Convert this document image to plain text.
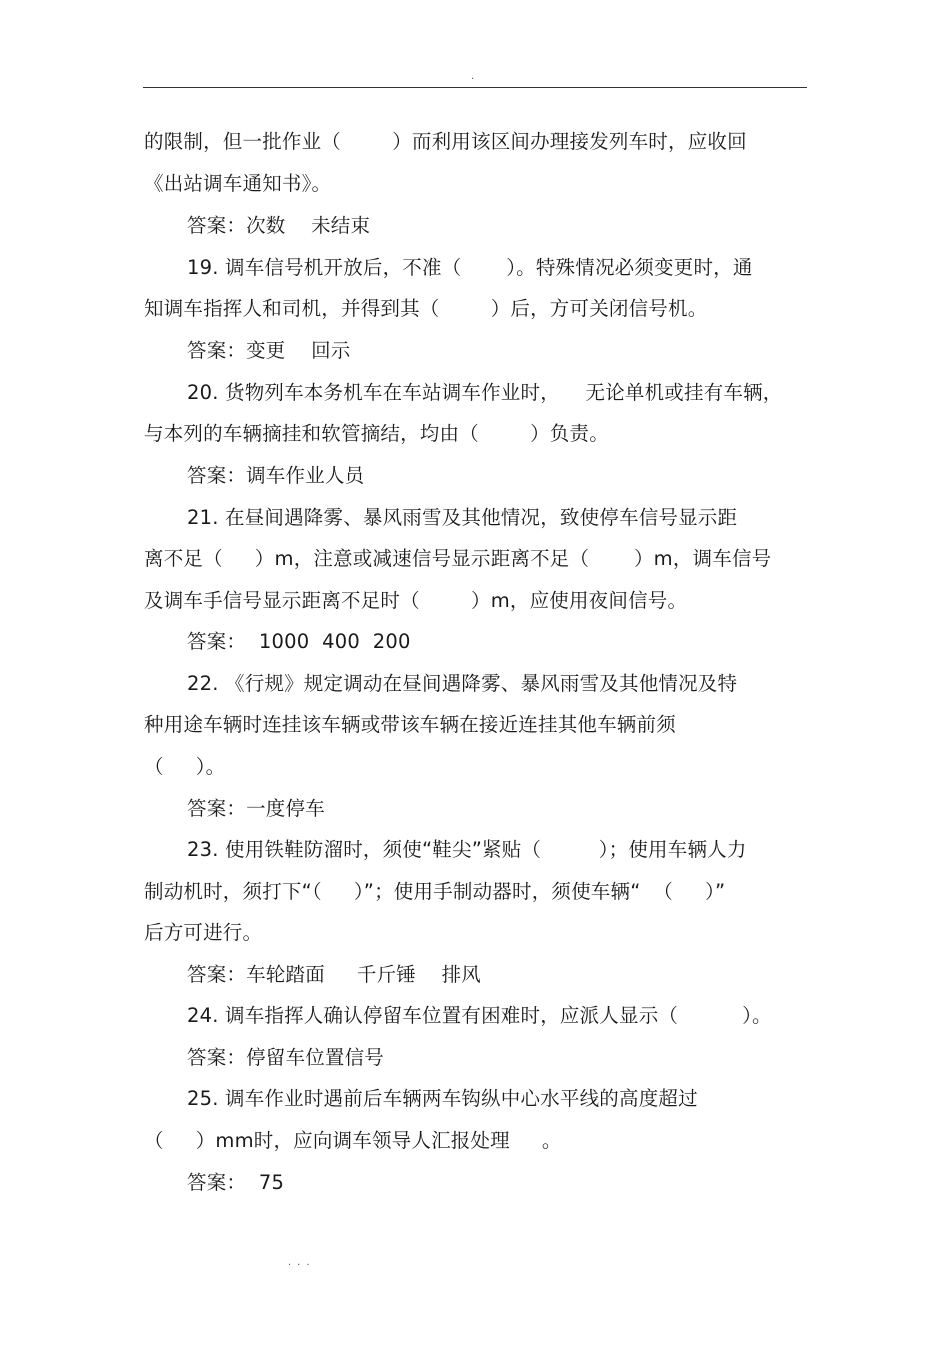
.
的限制，但一批作业（        ）而利用该区间办理接发列车时，应收回
《出站调车通知书》。
答案：次数    未结束
19. 调车信号机开放后，不准（       ）。特殊情况必须变更时，通
知调车指挥人和司机，并得到其（        ）后，方可关闭信号机。
答案：变更    回示
20. 货物列车本务机车在车站调车作业时，    无论单机或挂有车辆，
与本列的车辆摘挂和软管摘结，均由（        ）负责。
答案：调车作业人员
21. 在昼间遇降雾、暴风雨雪及其他情况，致使停车信号显示距
离不足（     ）m，注意或减速信号显示距离不足（       ）m，调车信号
及调车手信号显示距离不足时（        ）m，应使用夜间信号。
答案：  1000  400  200
22. 《行规》规定调动在昼间遇降雾、暴风雨雪及其他情况及特
种用途车辆时连挂该车辆或带该车辆在接近连挂其他车辆前须
（     ）。
答案：一度停车
23. 使用铁鞋防溜时，须使“鞋尖”紧贴（         ）；使用车辆人力
制动机时，须打下“（     ）”；使用手制动器时，须使车辆“  （     ）”
后方可进行。
答案：车轮踏面     千斤锤    排风
24. 调车指挥人确认停留车位置有困难时，应派人显示（          ）。
答案：停留车位置信号
25. 调车作业时遇前后车辆两车钩纵中心水平线的高度超过
（     ）mm时，应向调车领导人汇报处理     。
答案：  75
...
